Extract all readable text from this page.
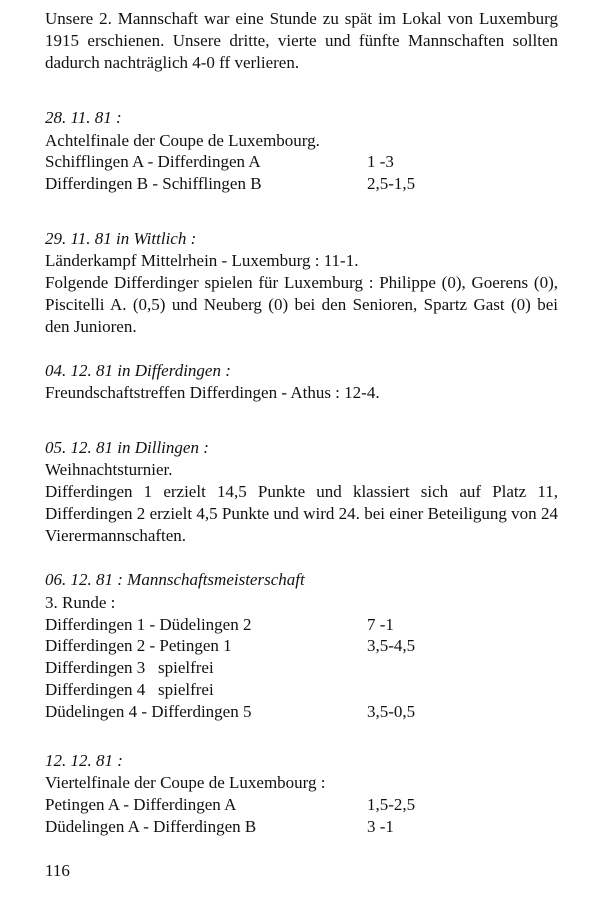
Unsere 2. Mannschaft war eine Stunde zu spät im Lokal von Luxemburg 1915 erschienen. Unsere dritte, vierte und fünfte Mannschaften sollten dadurch nachträglich 4-0 ff verlieren.
28. 11. 81 :
Achtelfinale der Coupe de Luxembourg.
Schifflingen A - Differdingen A	1 -3
Differdingen B - Schifflingen B	2,5-1,5
29. 11. 81 in Wittlich :
Länderkampf Mittelrhein - Luxemburg : 11-1.
Folgende Differdinger spielen für Luxemburg : Philippe (0), Goerens (0), Piscitelli A. (0,5) und Neuberg (0) bei den Senioren, Spartz Gast (0) bei den Junioren.
04. 12. 81 in Differdingen :
Freundschaftstreffen Differdingen - Athus : 12-4.
05. 12. 81 in Dillingen :
Weihnachtsturnier.
Differdingen 1 erzielt 14,5 Punkte und klassiert sich auf Platz 11, Differdingen 2 erzielt 4,5 Punkte und wird 24. bei einer Beteiligung von 24 Vierermannschaften.
06. 12. 81 : Mannschaftsmeisterschaft
3. Runde :
Differdingen 1 - Düdelingen 2	7 -1
Differdingen 2 - Petingen 1	3,5-4,5
Differdingen 3   spielfrei
Differdingen 4   spielfrei
Düdelingen 4 - Differdingen 5	3,5-0,5
12. 12. 81 :
Viertelfinale der Coupe de Luxembourg :
Petingen A - Differdingen A	1,5-2,5
Düdelingen A - Differdingen B	3 -1
116
